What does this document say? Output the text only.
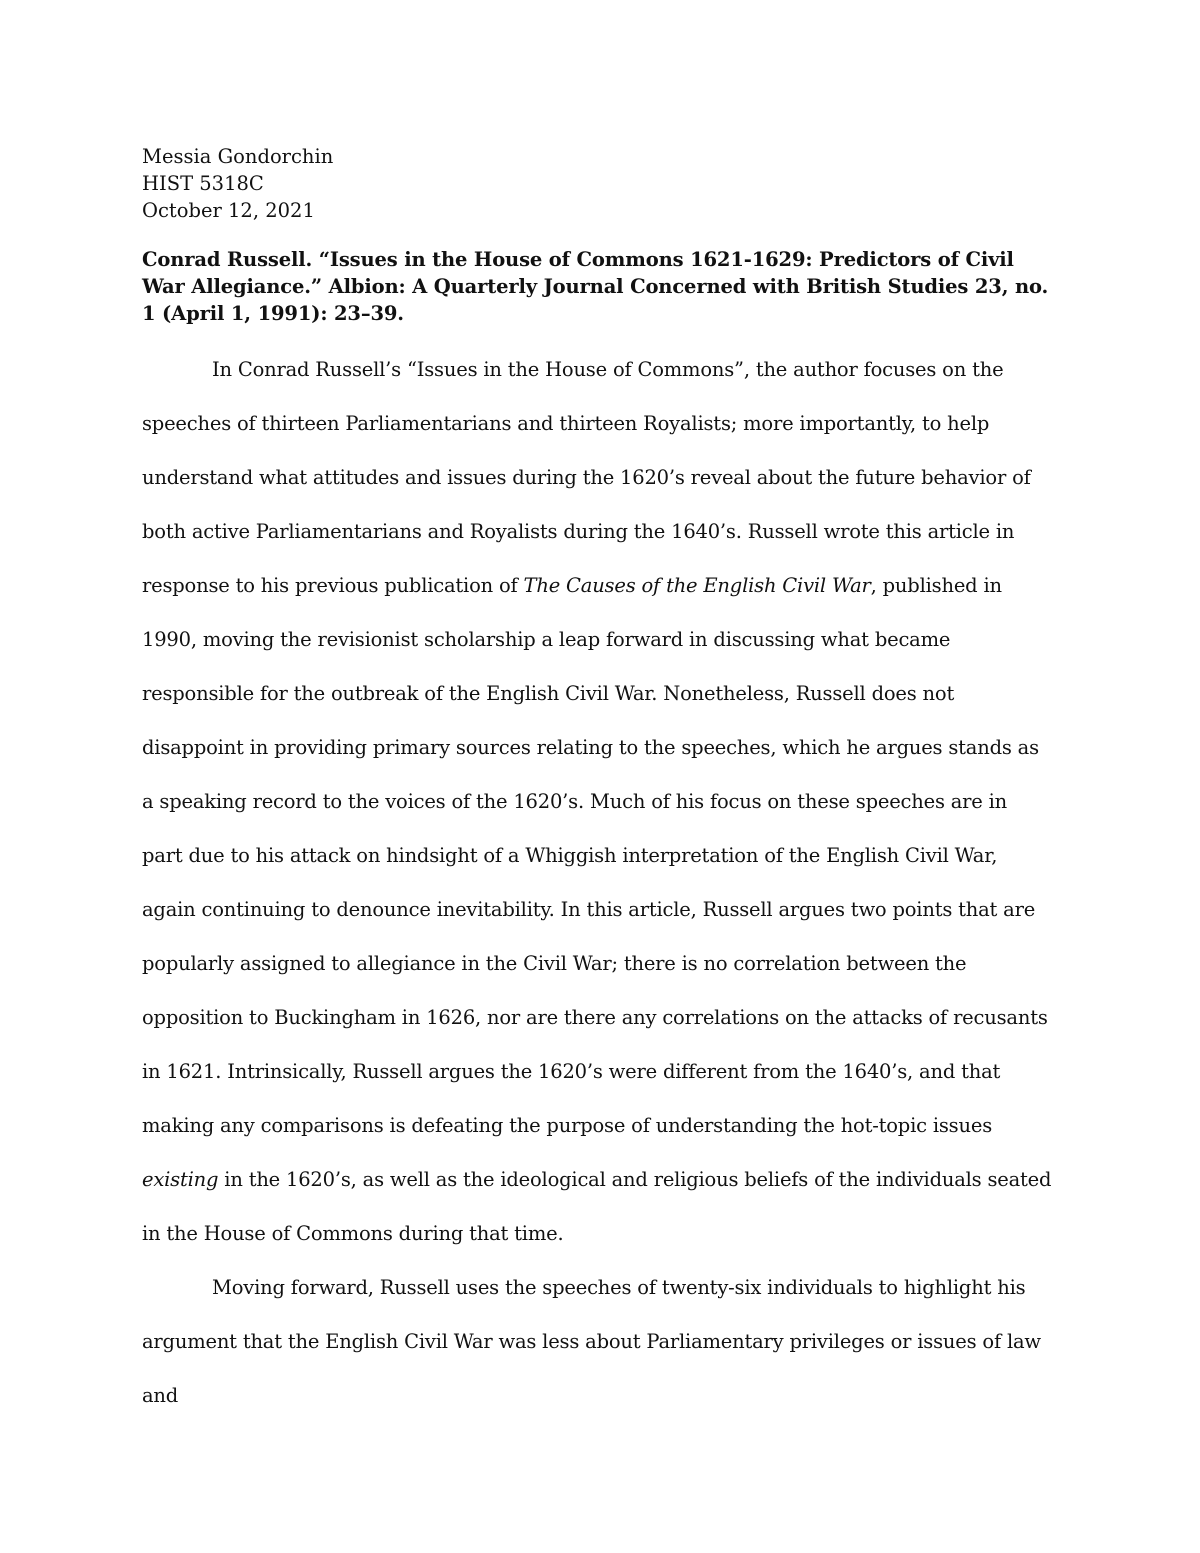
Messia Gondorchin

HIST 5318C

October 12, 2021

Conrad Russell. “Issues in the House of Commons 1621-1629: Predictors of Civil War Allegiance.” Albion: A Quarterly Journal Concerned with British Studies 23, no. 1 (April 1, 1991): 23–39.

In Conrad Russell’s “Issues in the House of Commons”, the author focuses on the speeches of thirteen Parliamentarians and thirteen Royalists; more importantly, to help understand what attitudes and issues during the 1620’s reveal about the future behavior of both active Parliamentarians and Royalists during the 1640’s. Russell wrote this article in response to his previous publication of The Causes of the English Civil War, published in 1990, moving the revisionist scholarship a leap forward in discussing what became responsible for the outbreak of the English Civil War. Nonetheless, Russell does not disappoint in providing primary sources relating to the speeches, which he argues stands as a speaking record to the voices of the 1620’s. Much of his focus on these speeches are in part due to his attack on hindsight of a Whiggish interpretation of the English Civil War, again continuing to denounce inevitability. In this article, Russell argues two points that are popularly assigned to allegiance in the Civil War; there is no correlation between the opposition to Buckingham in 1626, nor are there any correlations on the attacks of recusants in 1621. Intrinsically, Russell argues the 1620’s were different from the 1640’s, and that making any comparisons is defeating the purpose of understanding the hot-topic issues existing in the 1620’s, as well as the ideological and religious beliefs of the individuals seated in the House of Commons during that time.

Moving forward, Russell uses the speeches of twenty-six individuals to highlight his argument that the English Civil War was less about Parliamentary privileges or issues of law and
